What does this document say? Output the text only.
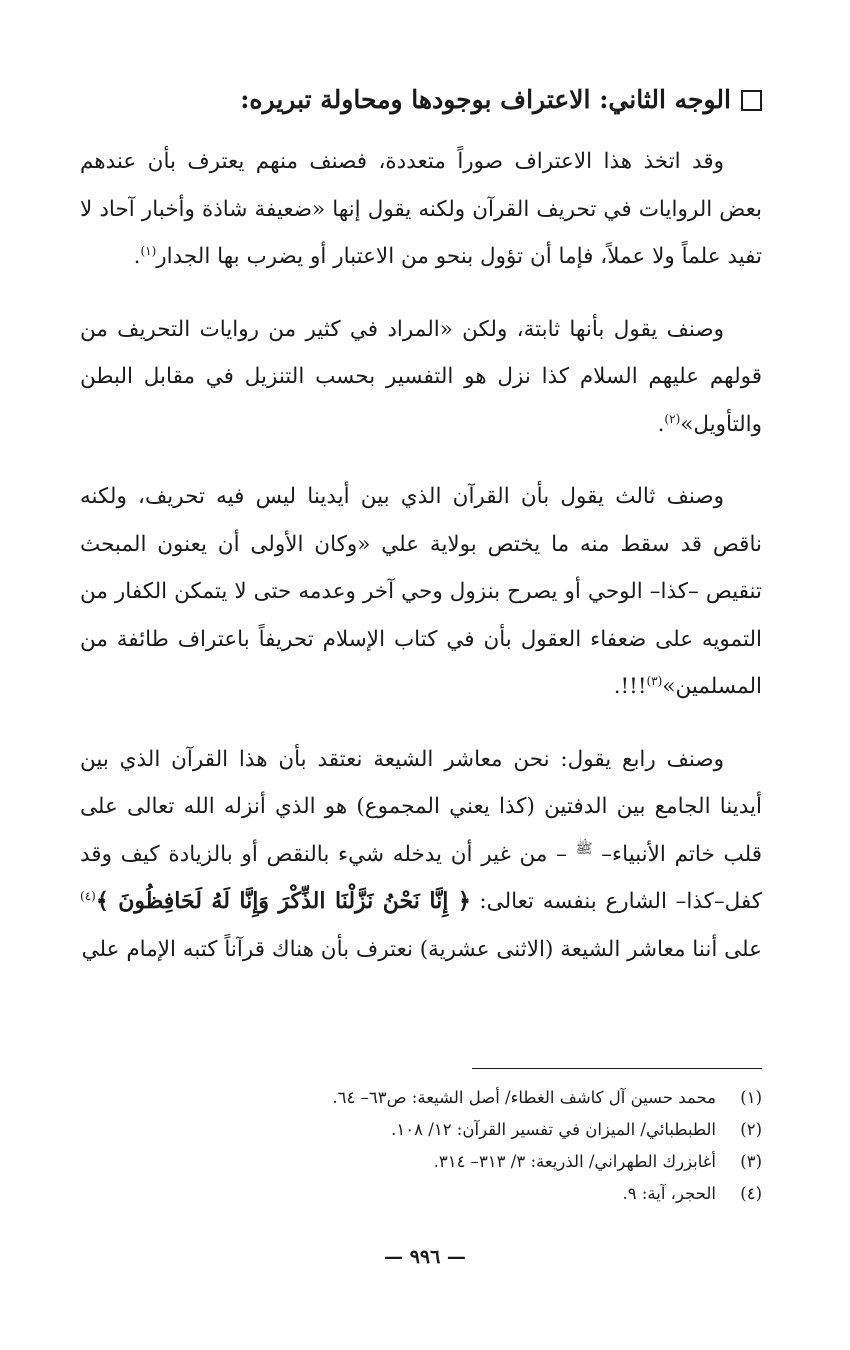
الوجه الثاني: الاعتراف بوجودها ومحاولة تبريره:

وقد اتخذ هذا الاعتراف صوراً متعددة، فصنف منهم يعترف بأن عندهم بعض الروايات في تحريف القرآن ولكنه يقول إنها «ضعيفة شاذة وأخبار آحاد لا تفيد علماً ولا عملاً، فإما أن تؤول بنحو من الاعتبار أو يضرب بها الجدار$^{(١)}$.

وصنف يقول بأنها ثابتة، ولكن «المراد في كثير من روايات التحريف من قولهم عليهم السلام كذا نزل هو التفسير بحسب التنزيل في مقابل البطن والتأويل»$^{(٢)}$.

وصنف ثالث يقول بأن القرآن الذي بين أيدينا ليس فيه تحريف، ولكنه ناقص قد سقط منه ما يختص بولاية علي «وكان الأولى أن يعنون المبحث تنقيص –كذا– الوحي أو يصرح بنزول وحي آخر وعدمه حتى لا يتمكن الكفار من التمويه على ضعفاء العقول بأن في كتاب الإسلام تحريفاً باعتراف طائفة من المسلمين»$^{(٣)}$!!!.

وصنف رابع يقول: نحن معاشر الشيعة نعتقد بأن هذا القرآن الذي بين أيدينا الجامع بين الدفتين (كذا يعني المجموع) هو الذي أنزله الله تعالى على قلب خاتم الأنبياء– $^ﷺ$ – من غير أن يدخله شيء بالنقص أو بالزيادة كيف وقد كفل–كذا– الشارع بنفسه تعالى: ﴿ إِنَّا نَحْنُ نَزَّلْنَا الذِّكْرَ وَإِنَّا لَهُ لَحَافِظُونَ ﴾$^{(٤)}$ على أننا معاشر الشيعة (الاثنى عشرية) نعترف بأن هناك قرآناً كتبه الإمام علي

(١)
محمد حسين آل كاشف الغطاء/ أصل الشيعة: ص٦٣– ٦٤.
(٢)
الطبطبائي/ الميزان في تفسير القرآن: ١٢/ ١٠٨.
(٣)
أغابزرك الطهراني/ الذريعة: ٣/ ٣١٣– ٣١٤.
(٤)
الحجر، آية: ٩.
— ٩٩٦ —
